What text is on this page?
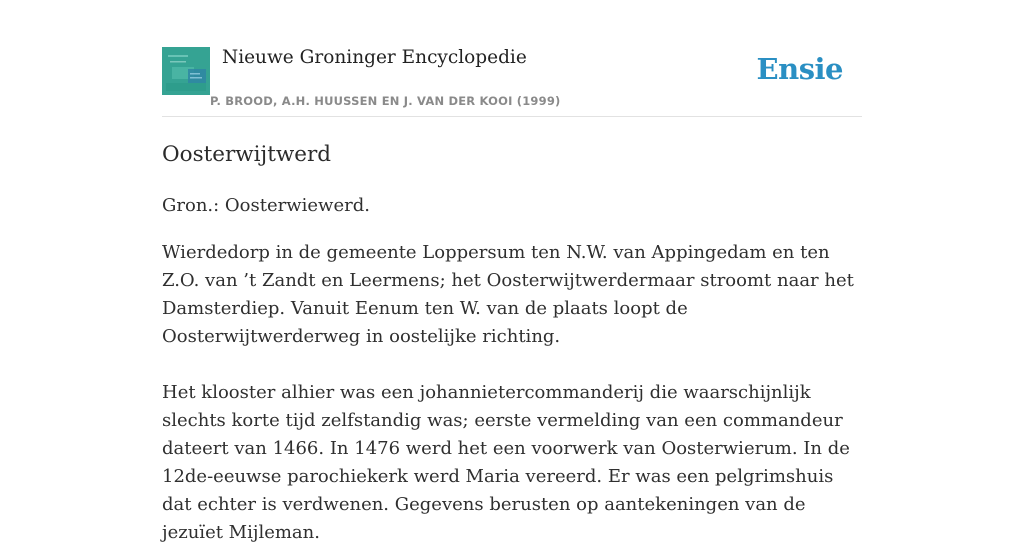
Nieuwe Groninger Encyclopedie
P. BROOD, A.H. HUUSSEN EN J. VAN DER KOOI (1999)
Ensie
Oosterwijtwerd

Gron.: Oosterwiewerd.

Wierdedorp in de gemeente Loppersum ten N.W. van Appingedam en ten Z.O. van ’t Zandt en Leermens; het Oosterwijtwerdermaar stroomt naar het Damsterdiep. Vanuit Eenum ten W. van de plaats loopt de Oosterwijtwerderweg in oostelijke richting.

Het klooster alhier was een johannietercommanderij die waarschijnlijk slechts korte tijd zelfstandig was; eerste vermelding van een commandeur dateert van 1466. In 1476 werd het een voorwerk van Oosterwierum. In de 12de-eeuwse parochiekerk werd Maria vereerd. Er was een pelgrimshuis dat echter is verdwenen. Gegevens berusten op aantekeningen van de jezuïet Mijleman.
